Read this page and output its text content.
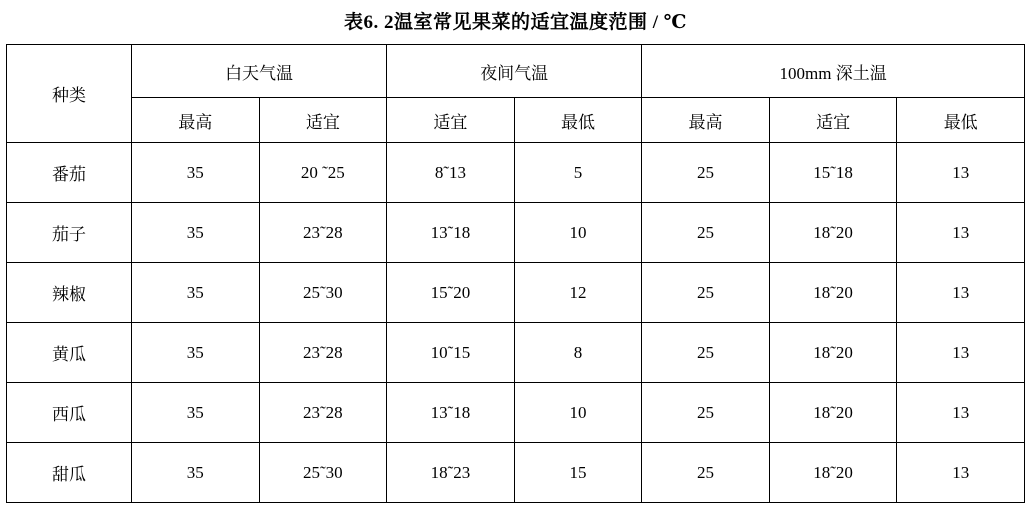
表6. 2温室常见果菜的适宜温度范围 / ℃
种类	白天气温		夜间气温		100mm 深土温		
	最高	适宜	适宜	最低	最高	适宜	最低
番茄	35	20 ˜25	8˜13	5	25	15˜18	13
茄子	35	23˜28	13˜18	10	25	18˜20	13
辣椒	35	25˜30	15˜20	12	25	18˜20	13
黄瓜	35	23˜28	10˜15	8	25	18˜20	13
西瓜	35	23˜28	13˜18	10	25	18˜20	13
甜瓜	35	25˜30	18˜23	15	25	18˜20	13
